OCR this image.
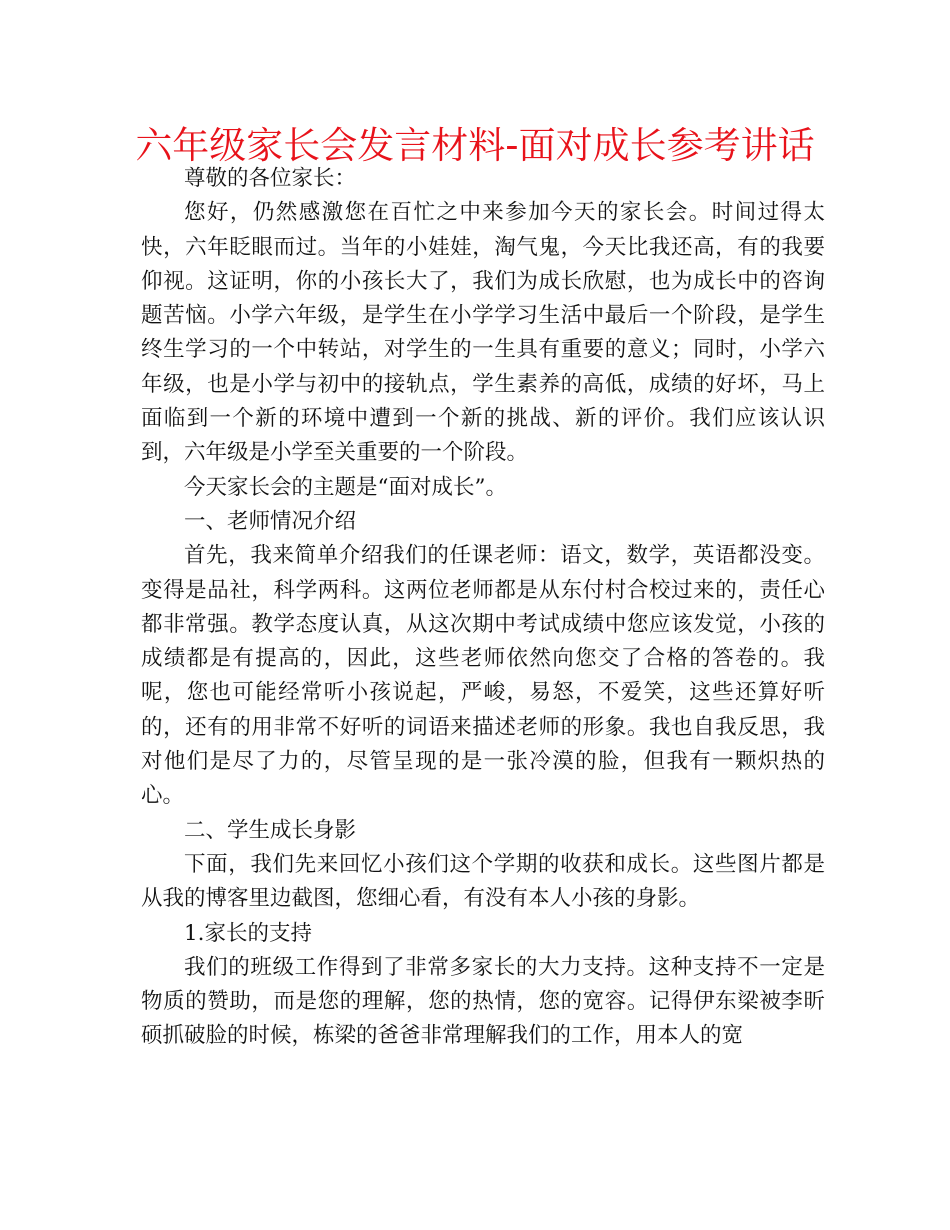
六年级家长会发言材料-面对成长参考讲话

尊敬的各位家长：

您好，仍然感激您在百忙之中来参加今天的家长会。时间过得太快，六年眨眼而过。当年的小娃娃，淘气鬼，今天比我还高，有的我要仰视。这证明，你的小孩长大了，我们为成长欣慰，也为成长中的咨询题苦恼。小学六年级，是学生在小学学习生活中最后一个阶段，是学生终生学习的一个中转站，对学生的一生具有重要的意义；同时，小学六年级，也是小学与初中的接轨点，学生素养的高低，成绩的好坏，马上面临到一个新的环境中遭到一个新的挑战、新的评价。我们应该认识到，六年级是小学至关重要的一个阶段。

今天家长会的主题是“面对成长”。

一、老师情况介绍

首先，我来简单介绍我们的任课老师：语文，数学，英语都没变。变得是品社，科学两科。这两位老师都是从东付村合校过来的，责任心都非常强。教学态度认真，从这次期中考试成绩中您应该发觉，小孩的成绩都是有提高的，因此，这些老师依然向您交了合格的答卷的。我呢，您也可能经常听小孩说起，严峻，易怒，不爱笑，这些还算好听的，还有的用非常不好听的词语来描述老师的形象。我也自我反思，我对他们是尽了力的，尽管呈现的是一张冷漠的脸，但我有一颗炽热的心。

二、学生成长身影

下面，我们先来回忆小孩们这个学期的收获和成长。这些图片都是从我的博客里边截图，您细心看，有没有本人小孩的身影。

1.家长的支持

我们的班级工作得到了非常多家长的大力支持。这种支持不一定是物质的赞助，而是您的理解，您的热情，您的宽容。记得伊东梁被李昕硕抓破脸的时候，栋梁的爸爸非常理解我们的工作，用本人的宽
